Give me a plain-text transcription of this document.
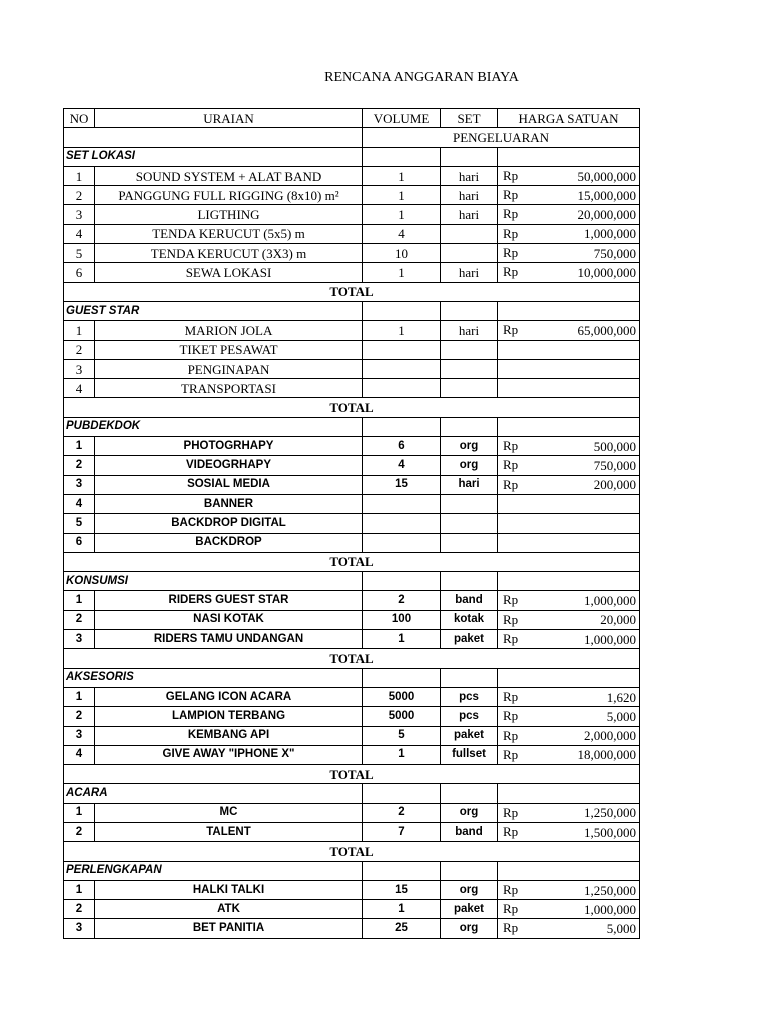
RENCANA ANGGARAN BIAYA
NO	URAIAN	VOLUME	SET	HARGA SATUAN
		PENGELUARAN		
SET LOKASI				
1	SOUND SYSTEM + ALAT BAND	1	hari	Rp 50,000,000

2	PANGGUNG FULL RIGGING (8x10) m²	1	hari	Rp 15,000,000

3	LIGTHING	1	hari	Rp 20,000,000

4	TENDA KERUCUT (5x5) m	4		Rp 1,000,000

5	TENDA KERUCUT (3X3) m	10		Rp 750,000

6	SEWA LOKASI	1	hari	Rp 10,000,000

TOTAL				
GUEST STAR				
1	MARION JOLA	1	hari	Rp 65,000,000

2	TIKET PESAWAT			
3	PENGINAPAN			
4	TRANSPORTASI			
TOTAL				
PUBDEKDOK				
1	PHOTOGRHAPY	6	org	Rp 500,000

2	VIDEOGRHAPY	4	org	Rp 750,000

3	SOSIAL MEDIA	15	hari	Rp 200,000

4	BANNER			
5	BACKDROP DIGITAL			
6	BACKDROP			
TOTAL				
KONSUMSI				
1	RIDERS GUEST STAR	2	band	Rp 1,000,000

2	NASI KOTAK	100	kotak	Rp 20,000

3	RIDERS TAMU UNDANGAN	1	paket	Rp 1,000,000

TOTAL				
AKSESORIS				
1	GELANG ICON ACARA	5000	pcs	Rp 1,620

2	LAMPION TERBANG	5000	pcs	Rp 5,000

3	KEMBANG API	5	paket	Rp 2,000,000

4	GIVE AWAY "IPHONE X"	1	fullset	Rp 18,000,000

TOTAL				
ACARA				
1	MC	2	org	Rp 1,250,000

2	TALENT	7	band	Rp 1,500,000

TOTAL				
PERLENGKAPAN				
1	HALKI TALKI	15	org	Rp 1,250,000

2	ATK	1	paket	Rp 1,000,000

3	BET PANITIA	25	org	Rp 5,000
